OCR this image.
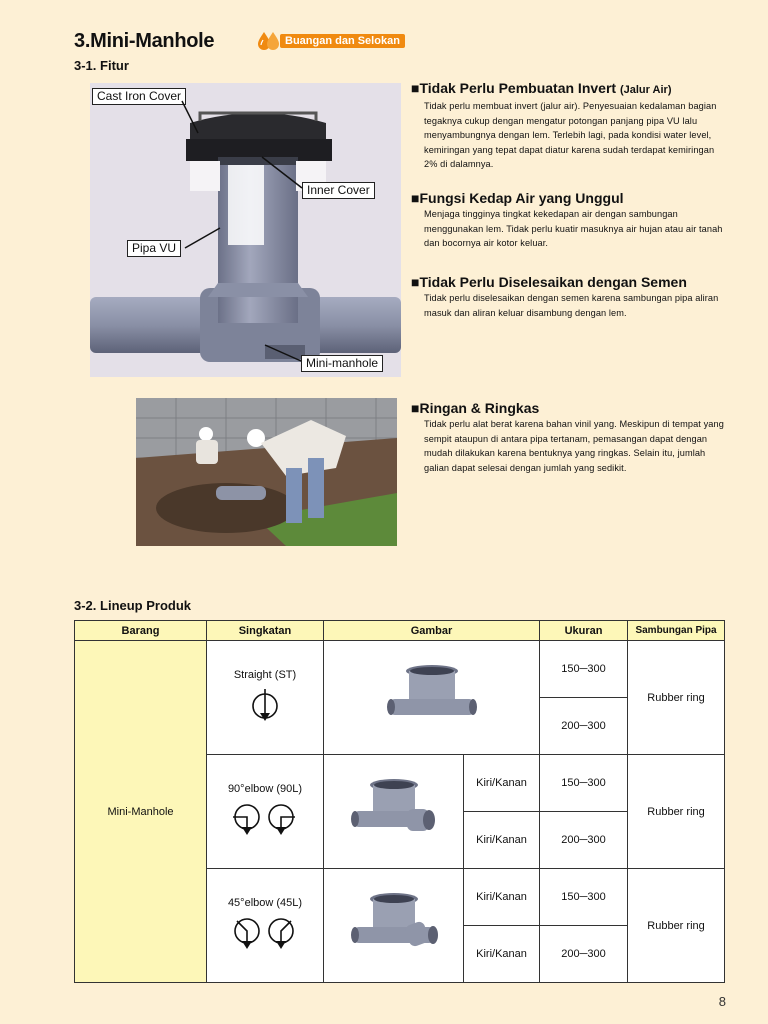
3.Mini-Manhole	Buangan dan Selokan
3-1. Fitur
Cast Iron Cover
Inner Cover
Pipa VU
Mini-manhole
■Tidak Perlu Pembuatan Invert (Jalur Air)

Tidak perlu membuat invert (jalur air). Penyesuaian kedalaman bagian tegaknya cukup dengan mengatur potongan panjang pipa VU lalu menyambungnya dengan lem. Terlebih lagi, pada kondisi water level, kemiringan yang tepat dapat diatur karena sudah terdapat kemiringan 2% di dalamnya.

■Fungsi Kedap Air yang Unggul

Menjaga tingginya tingkat kekedapan air dengan sambungan menggunakan lem. Tidak perlu kuatir masuknya air hujan atau air tanah dan bocornya air kotor keluar.

■Tidak Perlu Diselesaikan dengan Semen

Tidak perlu diselesaikan dengan semen karena sambungan pipa aliran masuk dan aliran keluar disambung dengan lem.

■Ringan & Ringkas

Tidak perlu alat berat karena bahan vinil yang. Meskipun di tempat yang sempit ataupun di antara pipa tertanam, pemasangan dapat dengan mudah dilakukan karena bentuknya yang ringkas. Selain itu, jumlah galian dapat selesai dengan jumlah yang sedikit.

3-2. Lineup Produk
Barang	Singkatan	Gambar		Ukuran	Sambungan Pipa
Mini-Manhole	Straight (ST)			150─300	Rubber ring
				200─300	

	90°elbow (90L)		Kiri/Kanan	150─300	Rubber ring
			Kiri/Kanan	200─300	

	45°elbow (45L)		Kiri/Kanan	150─300	Rubber ring
			Kiri/Kanan	200─300	
8
